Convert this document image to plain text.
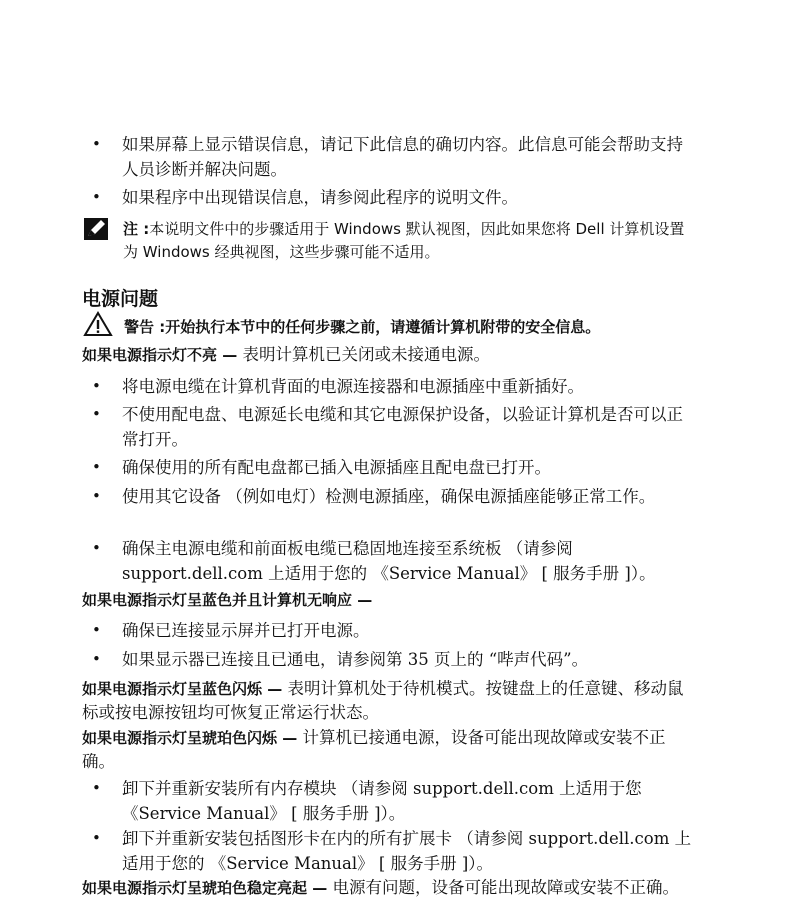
•	如果屏幕上显示错误信息，请记下此信息的确切内容。此信息可能会帮助支持人员诊断并解决问题。
•	如果程序中出现错误信息，请参阅此程序的说明文件。
注 :本说明文件中的步骤适用于 Windows 默认视图，因此如果您将 Dell 计算机设置为 Windows 经典视图，这些步骤可能不适用。
电源问题
警告 :开始执行本节中的任何步骤之前，请遵循计算机附带的安全信息。
如果电源指示灯不亮 — 表明计算机已关闭或未接通电源。
•	将电源电缆在计算机背面的电源连接器和电源插座中重新插好。
•	不使用配电盘、电源延长电缆和其它电源保护设备，以验证计算机是否可以正常打开。
•	确保使用的所有配电盘都已插入电源插座且配电盘已打开。
•	使用其它设备 （例如电灯）检测电源插座，确保电源插座能够正常工作。
•	确保主电源电缆和前面板电缆已稳固地连接至系统板 （请参阅 support.dell.com 上适用于您的 《Service Manual》 [ 服务手册 ]）。
如果电源指示灯呈蓝色并且计算机无响应 —
•	确保已连接显示屏并已打开电源。
•	如果显示器已连接且已通电，请参阅第 35 页上的 “哔声代码”。
如果电源指示灯呈蓝色闪烁 — 表明计算机处于待机模式。按键盘上的任意键、移动鼠标或按电源按钮均可恢复正常运行状态。
如果电源指示灯呈琥珀色闪烁 — 计算机已接通电源，设备可能出现故障或安装不正确。
•	卸下并重新安装所有内存模块 （请参阅 support.dell.com 上适用于您 《Service Manual》 [ 服务手册 ]）。
•	卸下并重新安装包括图形卡在内的所有扩展卡 （请参阅 support.dell.com 上适用于您的 《Service Manual》 [ 服务手册 ]）。
如果电源指示灯呈琥珀色稳定亮起 — 电源有问题，设备可能出现故障或安装不正确。
